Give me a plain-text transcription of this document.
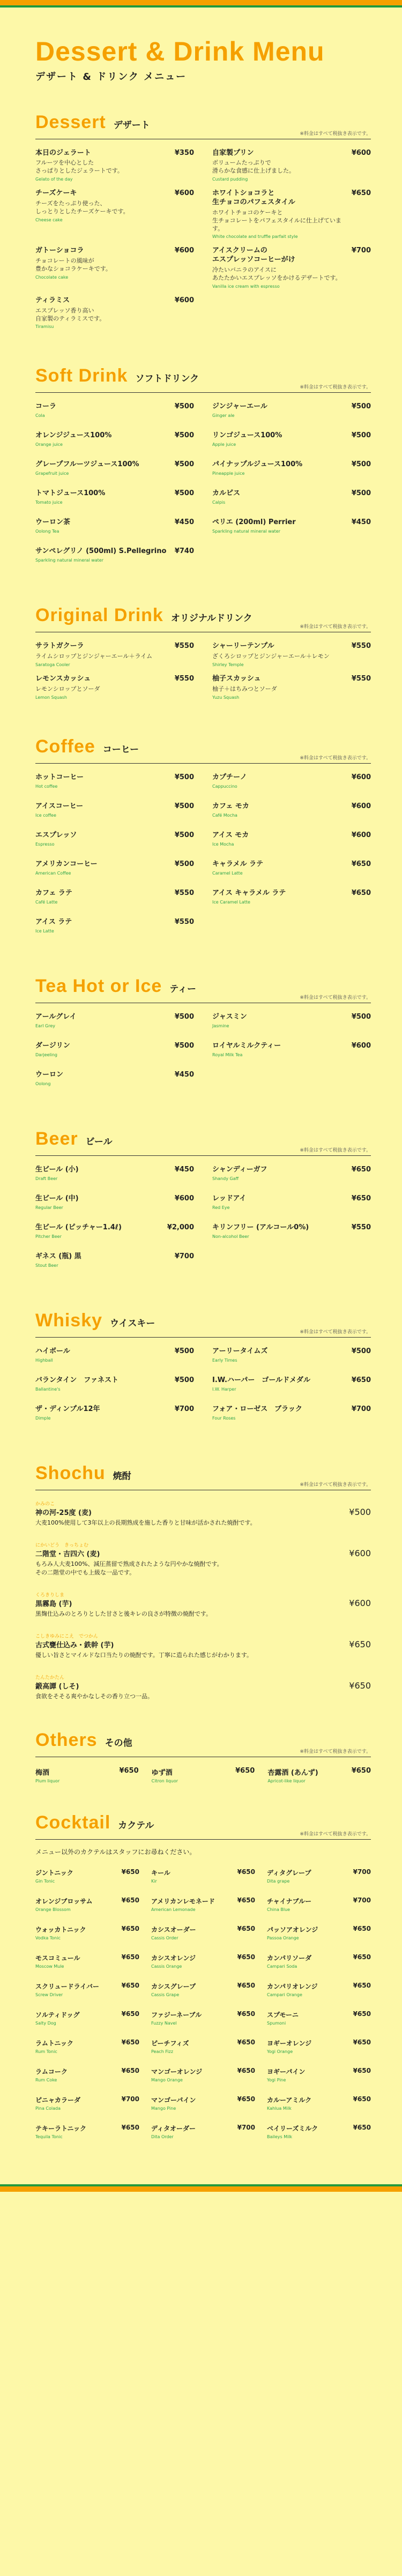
Dessert & Drink Menu
デザート & ドリンク メニュー
Dessert デザート
※料金はすべて税抜き表示です。
本日のジェラート
フルーツを中心とした
さっぱりとしたジェラートです。
Gelato of the day
¥350	自家製プリン
ボリュームたっぷりで
滑らかな食感に仕上げました。
Custard pudding
¥600
チーズケーキ
チーズをたっぷり使った、
しっとりとしたチーズケーキです。
Cheese cake
¥600	ホワイトショコラと
生チョコのパフェスタイル
ホワイトチョコのケーキと
生チョコレートをパフェスタイルに仕上げています。
White chocolate and truffle parfait style
¥650
ガトーショコラ
チョコレートの風味が
豊かなショコラケーキです。
Chocolate cake
¥600	アイスクリームの
エスプレッソコーヒーがけ
冷たいバニラのアイスに
あたたかいエスプレッソをかけるデザートです。
Vanilla ice cream with espresso
¥700
ティラミス
エスプレッソ香り高い
自家製のティラミスです。
Tiramisu
¥600
Soft Drink ソフトドリンク
※料金はすべて税抜き表示です。
コーラ
Cola
¥500	ジンジャーエール
Ginger ale
¥500
オレンジジュース100%
Orange juice
¥500	リンゴジュース100%
Apple juice
¥500
グレープフルーツジュース100%
Grapefruit juice
¥500	パイナップルジュース100%
Pineapple juice
¥500
トマトジュース100%
Tomato juice
¥500	カルピス
Calpis
¥500
ウーロン茶
Oolong Tea
¥450	ペリエ (200ml) Perrier
Sparkling natural mineral water
¥450
サンペレグリノ (500ml) S.Pellegrino
Sparkling natural mineral water
¥740
Original Drink オリジナルドリンク
※料金はすべて税抜き表示です。
サラトガクーラ
ライムシロップとジンジャーエール＋ライム
Saratoga Cooler
¥550	シャーリーテンプル
ざくろシロップとジンジャーエール＋レモン
Shirley Temple
¥550
レモンスカッシュ
レモンシロップとソーダ
Lemon Squash
¥550	柚子スカッシュ
柚子＋はちみつとソーダ
Yuzu Squash
¥550
Coffee コーヒー
※料金はすべて税抜き表示です。
ホットコーヒー
Hot coffee
¥500	カプチーノ
Cappuccino
¥600
アイスコーヒー
Ice coffee
¥500	カフェ モカ
Café Mocha
¥600
エスプレッソ
Espresso
¥500	アイス モカ
Ice Mocha
¥600
アメリカンコーヒー
American Coffee
¥500	キャラメル ラテ
Caramel Latte
¥650
カフェ ラテ
Café Latte
¥550	アイス キャラメル ラテ
Ice Caramel Latte
¥650
アイス ラテ
Ice Latte
¥550
Tea Hot or Ice ティー
※料金はすべて税抜き表示です。
アールグレイ
Earl Grey
¥500	ジャスミン
Jasmine
¥500
ダージリン
Darjeeling
¥500	ロイヤルミルクティー
Royal Milk Tea
¥600
ウーロン
Oolong
¥450
Beer ビール
※料金はすべて税抜き表示です。
生ビール (小)
Draft Beer
¥450	シャンディーガフ
Shandy Gaff
¥650
生ビール (中)
Regular Beer
¥600	レッドアイ
Red Eye
¥650
生ビール (ピッチャー1.4ℓ)
Pitcher Beer
¥2,000	キリンフリー (アルコール0%)
Non-alcohol Beer
¥550
ギネス (瓶) 黒
Stout Beer
¥700
Whisky ウイスキー
※料金はすべて税抜き表示です。
ハイボール
Highball
¥500	アーリータイムズ
Early Times
¥500
バランタイン　ファネスト
Ballantine's
¥500	I.W.ハーパー　ゴールドメダル
I.W. Harper
¥650
ザ・ディンプル12年
Dimple
¥700	フォア・ローゼス　ブラック
Four Roses
¥700
Shochu 焼酎
※料金はすべて税抜き表示です。
かみのこ
神の河-25度 (麦)	¥500
大麦100%使用して3年以上の長期熟成を施した香りと甘味が活かされた焼酎です。
にかいどう　きっちょむ
二階堂・吉四六 (麦)	¥600
もろみ人大麦100%、減圧蒸留で熟成されたような円やかな焼酎です。
その二階堂の中でも上級な一品です。
くろきりしま
黒霧島 (芋)	¥600
黒麹仕込みのとろりとした甘さと後キレの良さが特徴の焼酎です。
こしきゆみにこえ　でつかん
古式甕仕込み・鉄幹 (芋)	¥650
優しい旨さとマイルドな口当たりの焼酎です。丁寧に造られた感じがわかります。
たんたかたん
鍛高譚 (しそ)	¥650
食欲をそそる爽やかなしその香り立つ一品。
Others その他
※料金はすべて税抜き表示です。
梅酒
Plum liquor
¥650 ゆず酒
Citron liquor
¥650 杏露酒 (あんず)
Apricot-like liquor
¥650
Cocktail カクテル
※料金はすべて税抜き表示です。
メニュー以外のカクテルはスタッフにお尋ねください。
ジントニック
Gin Tonic
¥650 キール
Kir
¥650 ディタグレープ
Dita grape
¥700
オレンジブロッサム
Orange Blossom
¥650 アメリカンレモネード
American Lemonade
¥650 チャイナブルー
China Blue
¥700
ウォッカトニック
Vodka Tonic
¥650 カシスオーダー
Cassis Order
¥650 パッソアオレンジ
Passoa Orange
¥650
モスコミュール
Moscow Mule
¥650 カシスオレンジ
Cassis Orange
¥650 カンパリソーダ
Campari Soda
¥650
スクリュードライバー
Screw Driver
¥650 カシスグレープ
Cassis Grape
¥650 カンパリオレンジ
Campari Orange
¥650
ソルティドッグ
Salty Dog
¥650 ファジーネーブル
Fuzzy Navel
¥650 スプモーニ
Spumoni
¥650
ラムトニック
Rum Tonic
¥650 ピーチフィズ
Peach Fizz
¥650 ヨギーオレンジ
Yogi Orange
¥650
ラムコーク
Rum Coke
¥650 マンゴーオレンジ
Mango Orange
¥650 ヨギーパイン
Yogi Pine
¥650
ピニャカラーダ
Pina Colada
¥700 マンゴーパイン
Mango Pine
¥650 カルーアミルク
Kahlua Milk
¥650
テキーラトニック
Tequila Tonic
¥650 ディタオーダー
Dita Order
¥700 ベイリーズミルク
Baileys Milk
¥650
